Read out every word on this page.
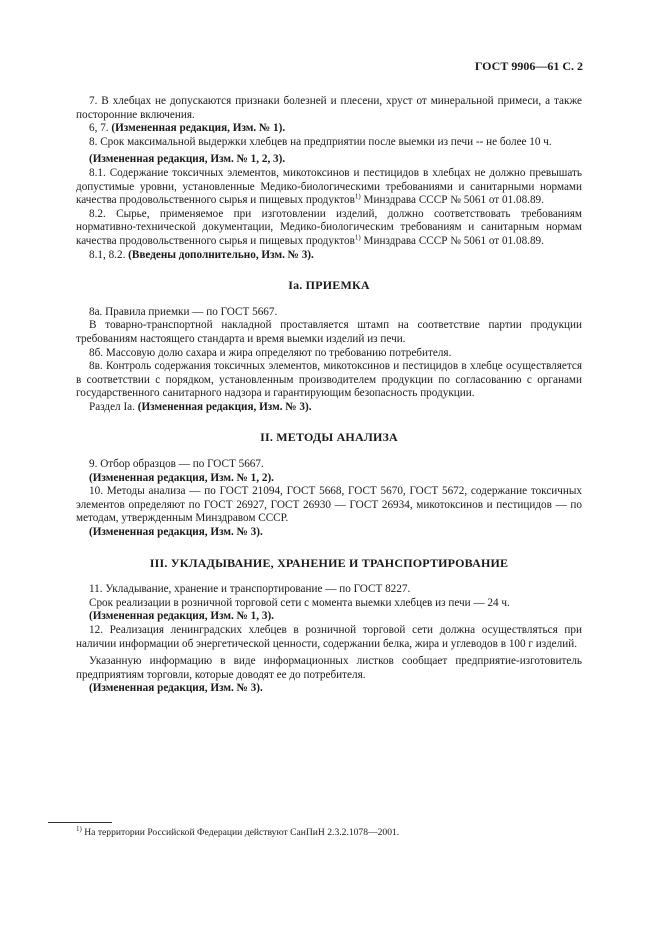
ГОСТ 9906—61 С. 2

7. В хлебцах не допускаются признаки болезней и плесени, хруст от минеральной примеси, а также посторонние включения.

6, 7. (Измененная редакция, Изм. № 1).

8. Срок максимальной выдержки хлебцев на предприятии после выемки из печи -- не более 10 ч.

(Измененная редакция, Изм. № 1, 2, 3).

8.1. Содержание токсичных элементов, микотоксинов и пестицидов в хлебцах не должно превышать допустимые уровни, установленные Медико-биологическими требованиями и санитарными нормами качества продовольственного сырья и пищевых продуктов$^{1)}$ Минздрава СССР № 5061 от 01.08.89.

8.2. Сырье, применяемое при изготовлении изделий, должно соответствовать требованиям нормативно-технической документации, Медико-биологическим требованиям и санитарным нормам качества продовольственного сырья и пищевых продуктов$^{1)}$ Минздрава СССР № 5061 от 01.08.89.

8.1, 8.2. (Введены дополнительно, Изм. № 3).

Iа. ПРИЕМКА

8а. Правила приемки — по ГОСТ 5667.

В товарно-транспортной накладной проставляется штамп на соответствие партии продукции требованиям настоящего стандарта и время выемки изделий из печи.

8б. Массовую долю сахара и жира определяют по требованию потребителя.

8в. Контроль содержания токсичных элементов, микотоксинов и пестицидов в хлебце осуществляется в соответствии с порядком, установленным производителем продукции по согласованию с органами государственного санитарного надзора и гарантирующим безопасность продукции.

Раздел Iа. (Измененная редакция, Изм. № 3).

II. МЕТОДЫ АНАЛИЗА

9. Отбор образцов — по ГОСТ 5667.

(Измененная редакция, Изм. № 1, 2).

10. Методы анализа — по ГОСТ 21094, ГОСТ 5668, ГОСТ 5670, ГОСТ 5672, содержание токсичных элементов определяют по ГОСТ 26927, ГОСТ 26930 — ГОСТ 26934, микотоксинов и пестицидов — по методам, утвержденным Минздравом СССР.

(Измененная редакция, Изм. № 3).

III. УКЛАДЫВАНИЕ, ХРАНЕНИЕ И ТРАНСПОРТИРОВАНИЕ

11. Укладывание, хранение и транспортирование — по ГОСТ 8227.

Срок реализации в розничной торговой сети с момента выемки хлебцев из печи — 24 ч.

(Измененная редакция, Изм. № 1, 3).

12. Реализация ленинградских хлебцев в розничной торговой сети должна осуществляться при наличии информации об энергетической ценности, содержании белка, жира и углеводов в 100 г изделий.

Указанную информацию в виде информационных листков сообщает предприятие-изготовитель предприятиям торговли, которые доводят ее до потребителя.

(Измененная редакция, Изм. № 3).

$^{1)}$ На территории Российской Федерации действуют СанПиН 2.3.2.1078—2001.
